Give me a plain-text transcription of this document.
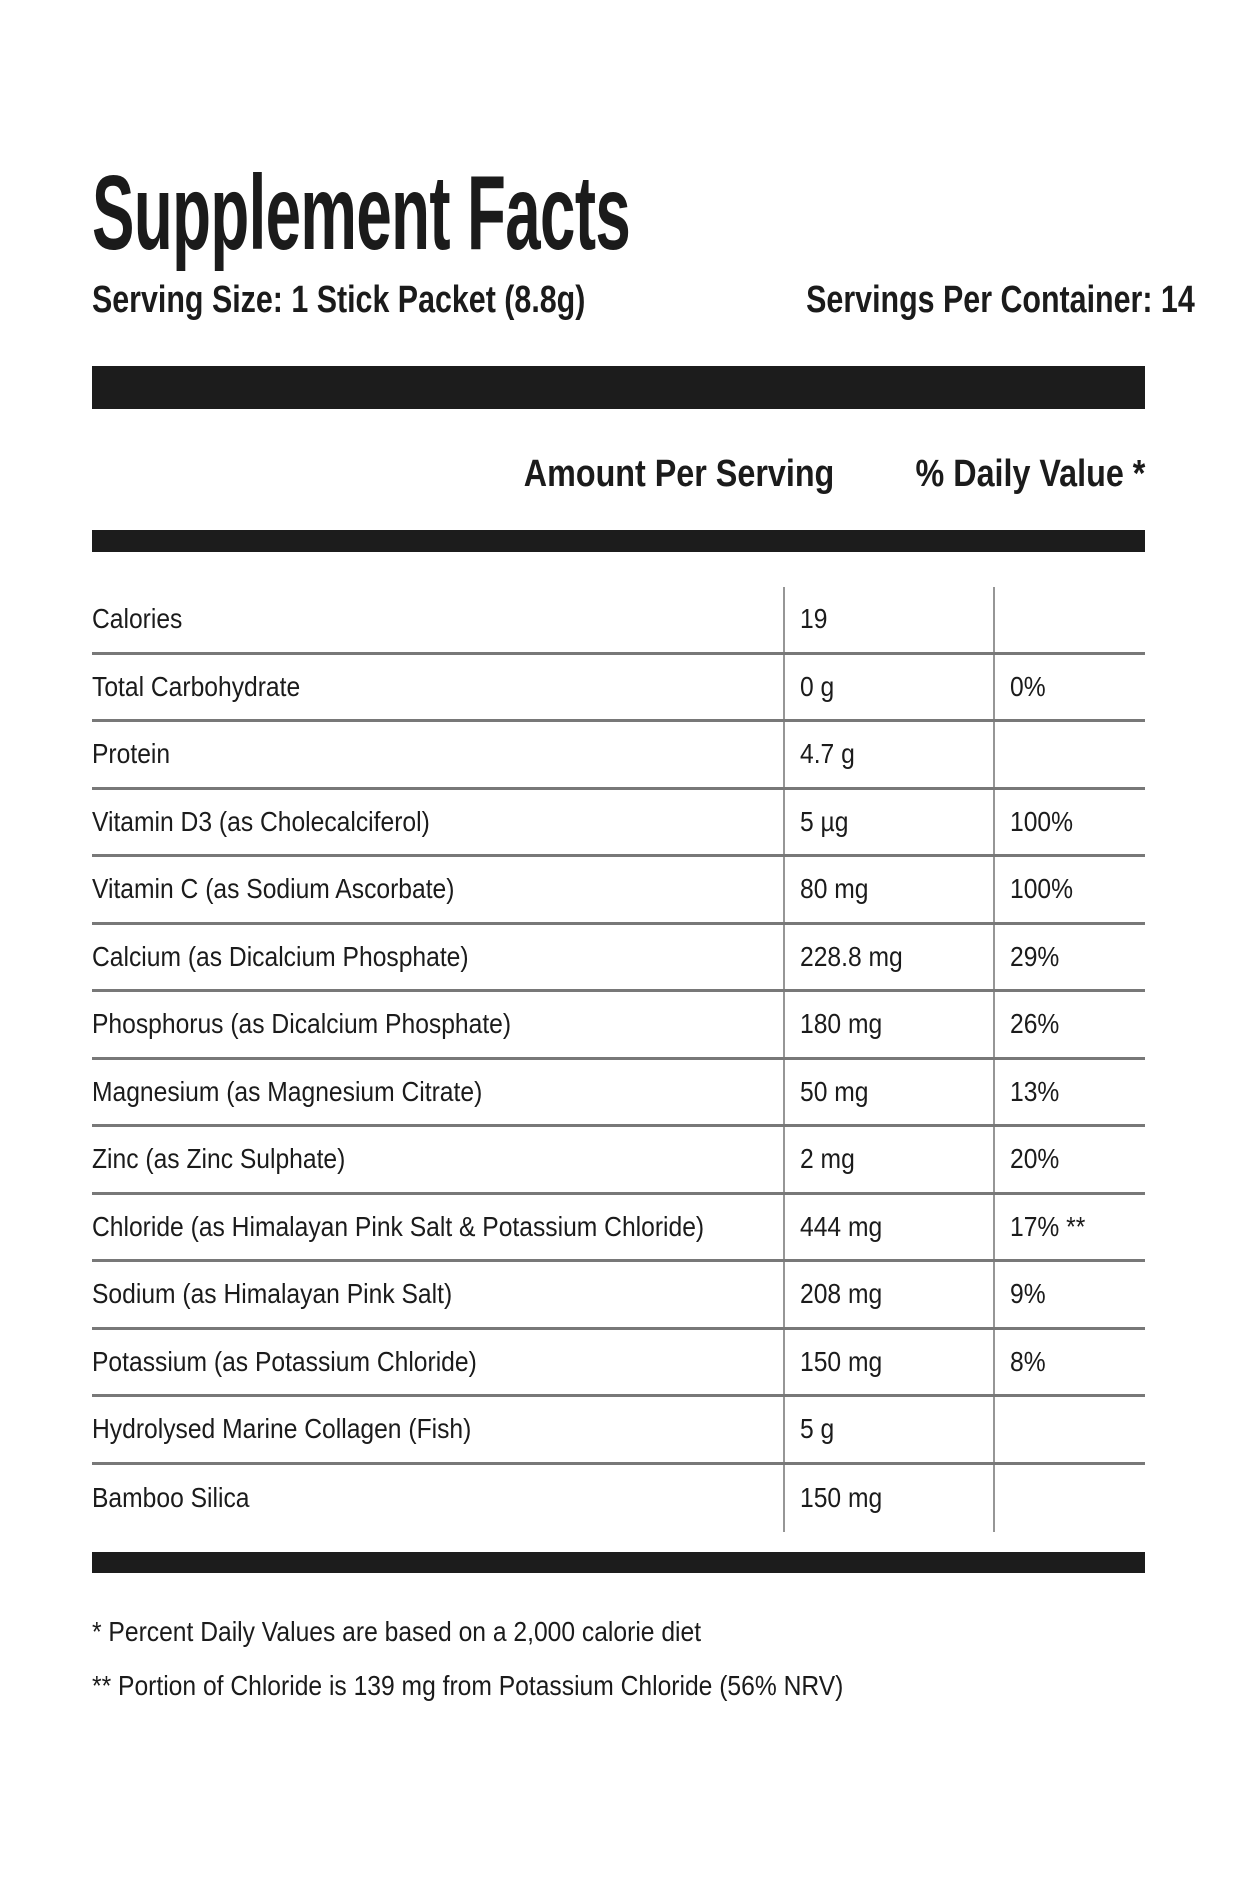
Supplement Facts
Serving Size: 1 Stick Packet (8.8g)	Servings Per Container: 14
Amount Per Serving % Daily Value *
Calories	19
Total Carbohydrate	0 g	0%
Protein	4.7 g
Vitamin D3 (as Cholecalciferol)	5 µg	100%
Vitamin C (as Sodium Ascorbate)	80 mg	100%
Calcium (as Dicalcium Phosphate)	228.8 mg	29%
Phosphorus (as Dicalcium Phosphate)	180 mg	26%
Magnesium (as Magnesium Citrate)	50 mg	13%
Zinc (as Zinc Sulphate)	2 mg	20%
Chloride (as Himalayan Pink Salt & Potassium Chloride)	444 mg	17% **
Sodium (as Himalayan Pink Salt)	208 mg	9%
Potassium (as Potassium Chloride)	150 mg	8%
Hydrolysed Marine Collagen (Fish)	5 g
Bamboo Silica	150 mg
* Percent Daily Values are based on a 2,000 calorie diet
** Portion of Chloride is 139 mg from Potassium Chloride (56% NRV)
